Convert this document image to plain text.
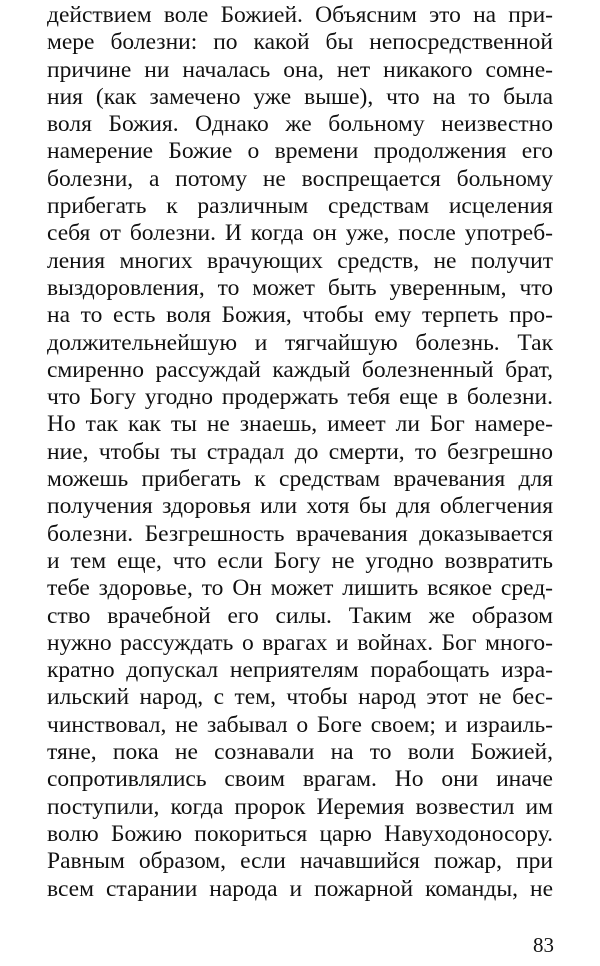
действием воле Божией. Объясним это на при-
мере болезни: по какой бы непосредственной
причине ни началась она, нет никакого сомне-
ния (как замечено уже выше), что на то была
воля Божия. Однако же больному неизвестно
намерение Божие о времени продолжения его
болезни, а потому не воспрещается больному
прибегать к различным средствам исцеления
себя от болезни. И когда он уже, после употреб-
ления многих врачующих средств, не получит
выздоровления, то может быть уверенным, что
на то есть воля Божия, чтобы ему терпеть про-
должительнейшую и тягчайшую болезнь. Так
смиренно рассуждай каждый болезненный брат,
что Богу угодно продержать тебя еще в болезни.
Но так как ты не знаешь, имеет ли Бог намере-
ние, чтобы ты страдал до смерти, то безгрешно
можешь прибегать к средствам врачевания для
получения здоровья или хотя бы для облегчения
болезни. Безгрешность врачевания доказывается
и тем еще, что если Богу не угодно возвратить
тебе здоровье, то Он может лишить всякое сред-
ство врачебной его силы. Таким же образом
нужно рассуждать о врагах и войнах. Бог много-
кратно допускал неприятелям порабощать изра-
ильский народ, с тем, чтобы народ этот не бес-
чинствовал, не забывал о Боге своем; и израиль-
тяне, пока не сознавали на то воли Божией,
сопротивлялись своим врагам. Но они иначе
поступили, когда пророк Иеремия возвестил им
волю Божию покориться царю Навуходоносору.
Равным образом, если начавшийся пожар, при
всем старании народа и пожарной команды, не
83
